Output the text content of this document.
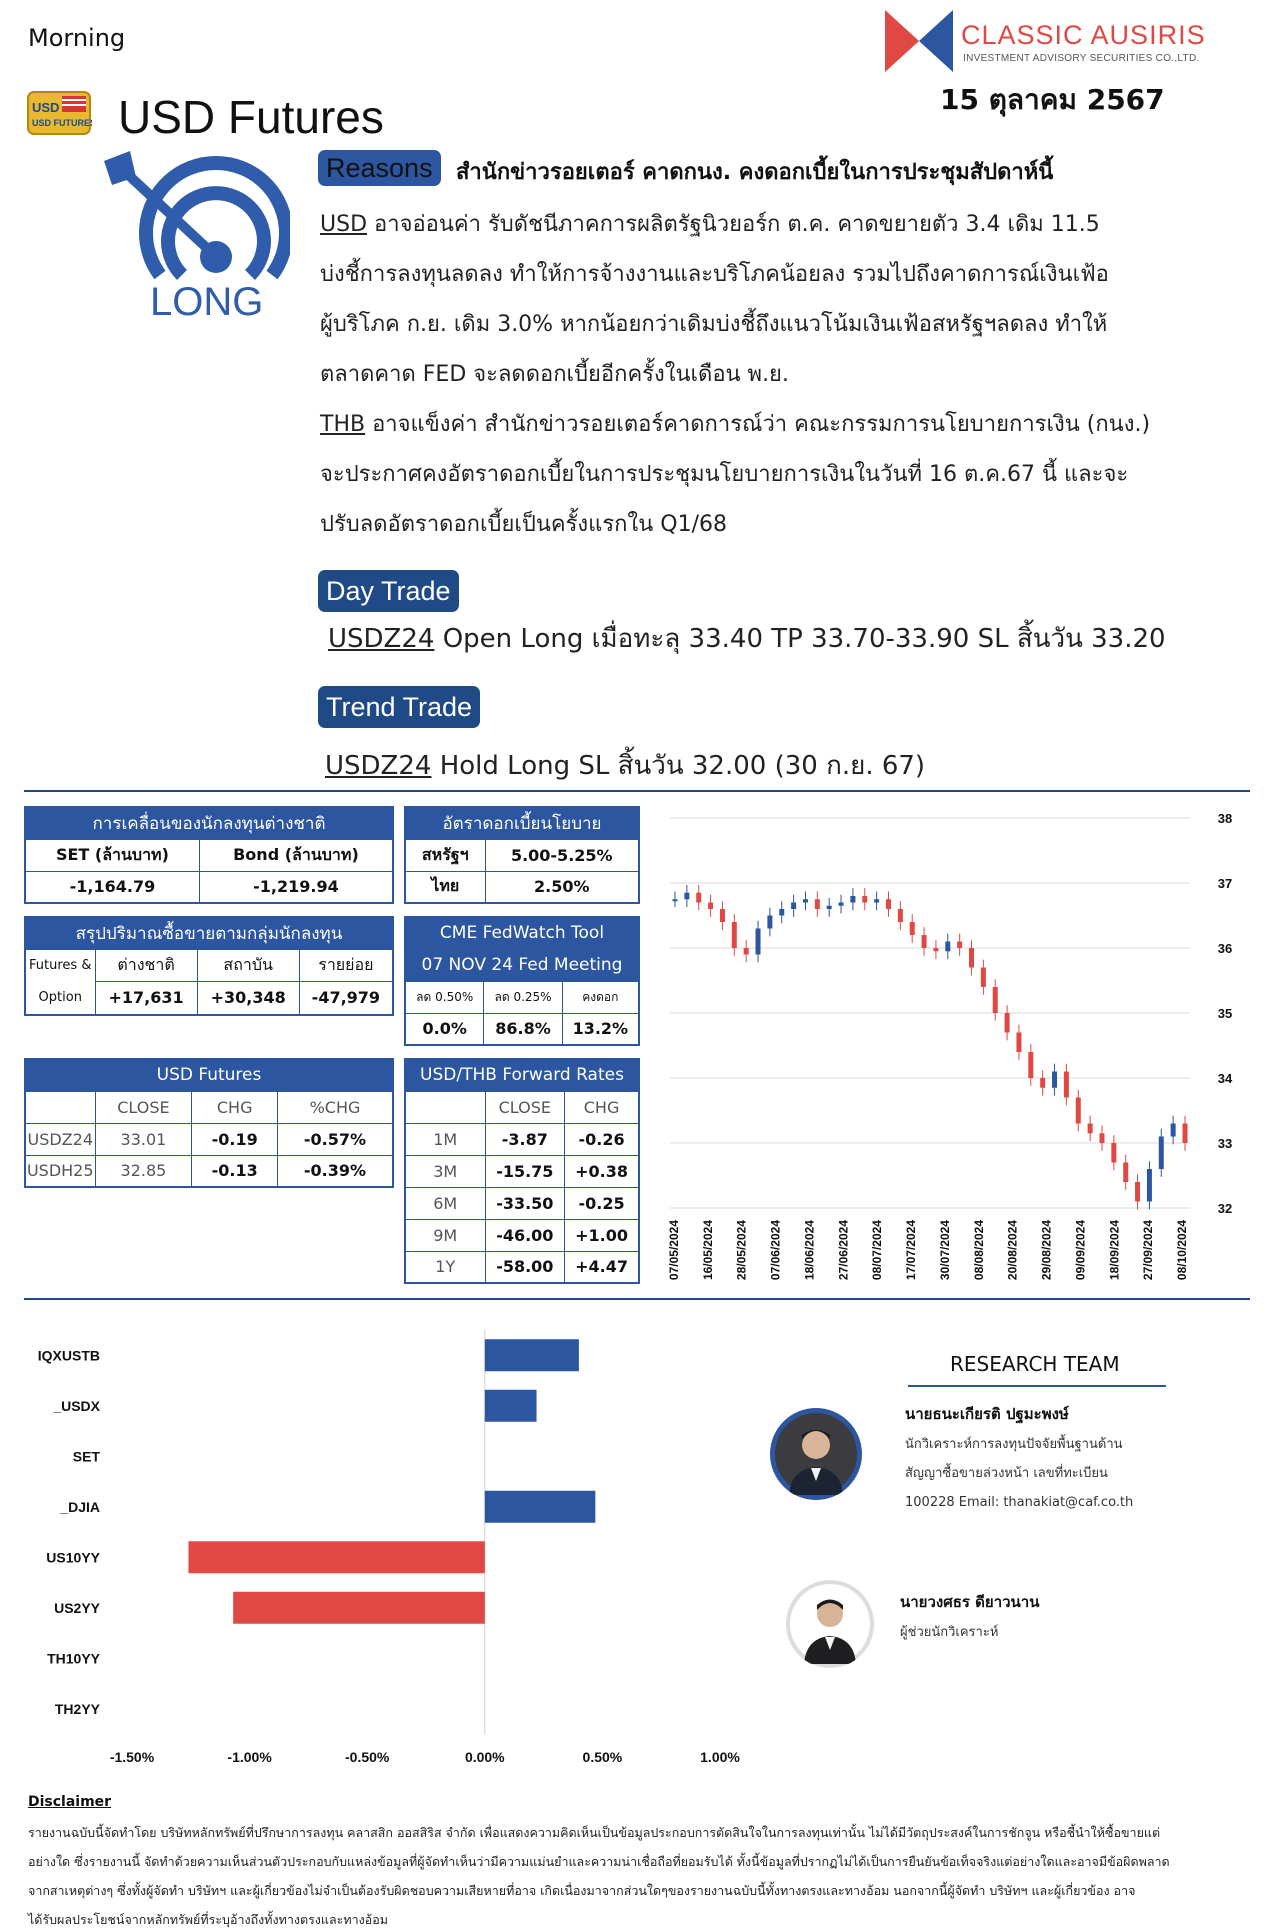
Morning	CLASSIC AUSIRIS
INVESTMENT ADVISORY SECURITIES CO.,LTD.
15 ตุลาคม 2567
USD
USD FUTURES USD Futures
LONG
Reasons	สำนักข่าวรอยเตอร์ คาดกนง. คงดอกเบี้ยในการประชุมสัปดาห์นี้
USD อาจอ่อนค่า รับดัชนีภาคการผลิตรัฐนิวยอร์ก ต.ค. คาดขยายตัว 3.4 เดิม 11.5
บ่งชี้การลงทุนลดลง ทำให้การจ้างงานและบริโภคน้อยลง รวมไปถึงคาดการณ์เงินเฟ้อ
ผู้บริโภค ก.ย. เดิม 3.0% หากน้อยกว่าเดิมบ่งชี้ถึงแนวโน้มเงินเฟ้อสหรัฐฯลดลง ทำให้
ตลาดคาด FED จะลดดอกเบี้ยอีกครั้งในเดือน พ.ย.
THB อาจแข็งค่า สำนักข่าวรอยเตอร์คาดการณ์ว่า คณะกรรมการนโยบายการเงิน (กนง.)
จะประกาศคงอัตราดอกเบี้ยในการประชุมนโยบายการเงินในวันที่ 16 ต.ค.67 นี้ และจะ
ปรับลดอัตราดอกเบี้ยเป็นครั้งแรกใน Q1/68
Day Trade
USDZ24 Open Long เมื่อทะลุ 33.40 TP 33.70-33.90 SL สิ้นวัน 33.20
Trend Trade
USDZ24 Hold Long SL สิ้นวัน 32.00 (30 ก.ย. 67)
การเคลื่อนของนักลงทุนต่างชาติ	
SET (ล้านบาท)	Bond (ล้านบาท)
-1,164.79	-1,219.94
อัตราดอกเบี้ยนโยบาย	
สหรัฐฯ	5.00-5.25%
ไทย	2.50%
สรุปปริมาณซื้อขายตามกลุ่มนักลงทุน			

Futures &
Option	ต่างชาติ	สถาบัน	รายย่อย
	+17,631	+30,348	-47,979
CME FedWatch Tool		
07 NOV 24 Fed Meeting		
ลด 0.50%	ลด 0.25%	คงดอก
0.0%	86.8%	13.2%
USD Futures			
	CLOSE	CHG	%CHG
USDZ24	33.01	-0.19	-0.57%
USDH25	32.85	-0.13	-0.39%
USD/THB Forward Rates		
	CLOSE	CHG
1M	-3.87	-0.26
3M	-15.75	+0.38
6M	-33.50	-0.25
9M	-46.00	+1.00
1Y	-58.00	+4.47
38
37
36
35
34
33
32
07/05/2024 16/05/2024 28/05/2024 07/06/2024 18/06/2024 27/06/2024 08/07/2024 17/07/2024 30/07/2024 08/08/2024 20/08/2024 29/08/2024 09/09/2024 18/09/2024 27/09/2024 08/10/2024
IQXUSTB
_USDX
SET
_DJIA
US10YY
US2YY
TH10YY
TH2YY
-1.50%	-1.00%	-0.50%	0.00%	0.50%	1.00%
RESEARCH TEAM
นายธนะเกียรติ ปฐมะพงษ์
นักวิเคราะห์การลงทุนปัจจัยพื้นฐานด้าน
สัญญาซื้อขายล่วงหน้า เลขที่ทะเบียน
100228 Email: thanakiat@caf.co.th
นายวงศธร ดียาวนาน
ผู้ช่วยนักวิเคราะห์
Disclaimer
รายงานฉบับนี้จัดทำโดย บริษัทหลักทรัพย์ที่ปรึกษาการลงทุน คลาสสิก ออสสิริส จำกัด เพื่อแสดงความคิดเห็นเป็นข้อมูลประกอบการตัดสินใจในการลงทุนเท่านั้น ไม่ได้มีวัตถุประสงค์ในการชักจูน หรือชี้นำให้ซื้อขายแต่
อย่างใด ซึ่งรายงานนี้ จัดทำด้วยความเห็นส่วนตัวประกอบกับแหล่งข้อมูลที่ผู้จัดทำเห็นว่ามีความแม่นยำและความน่าเชื่อถือที่ยอมรับได้ ทั้งนี้ข้อมูลที่ปรากฏไม่ได้เป็นการยืนยันข้อเท็จจริงแต่อย่างใดและอาจมีข้อผิดพลาด
จากสาเหตุต่างๆ ซึ่งทั้งผู้จัดทำ บริษัทฯ และผู้เกี่ยวข้องไม่จำเป็นต้องรับผิดชอบความเสียหายที่อาจ เกิดเนื่องมาจากส่วนใดๆของรายงานฉบับนี้ทั้งทางตรงและทางอ้อม นอกจากนี้ผู้จัดทำ บริษัทฯ และผู้เกี่ยวข้อง อาจ
ได้รับผลประโยชน์จากหลักทรัพย์ที่ระบุอ้างถึงทั้งทางตรงและทางอ้อม
